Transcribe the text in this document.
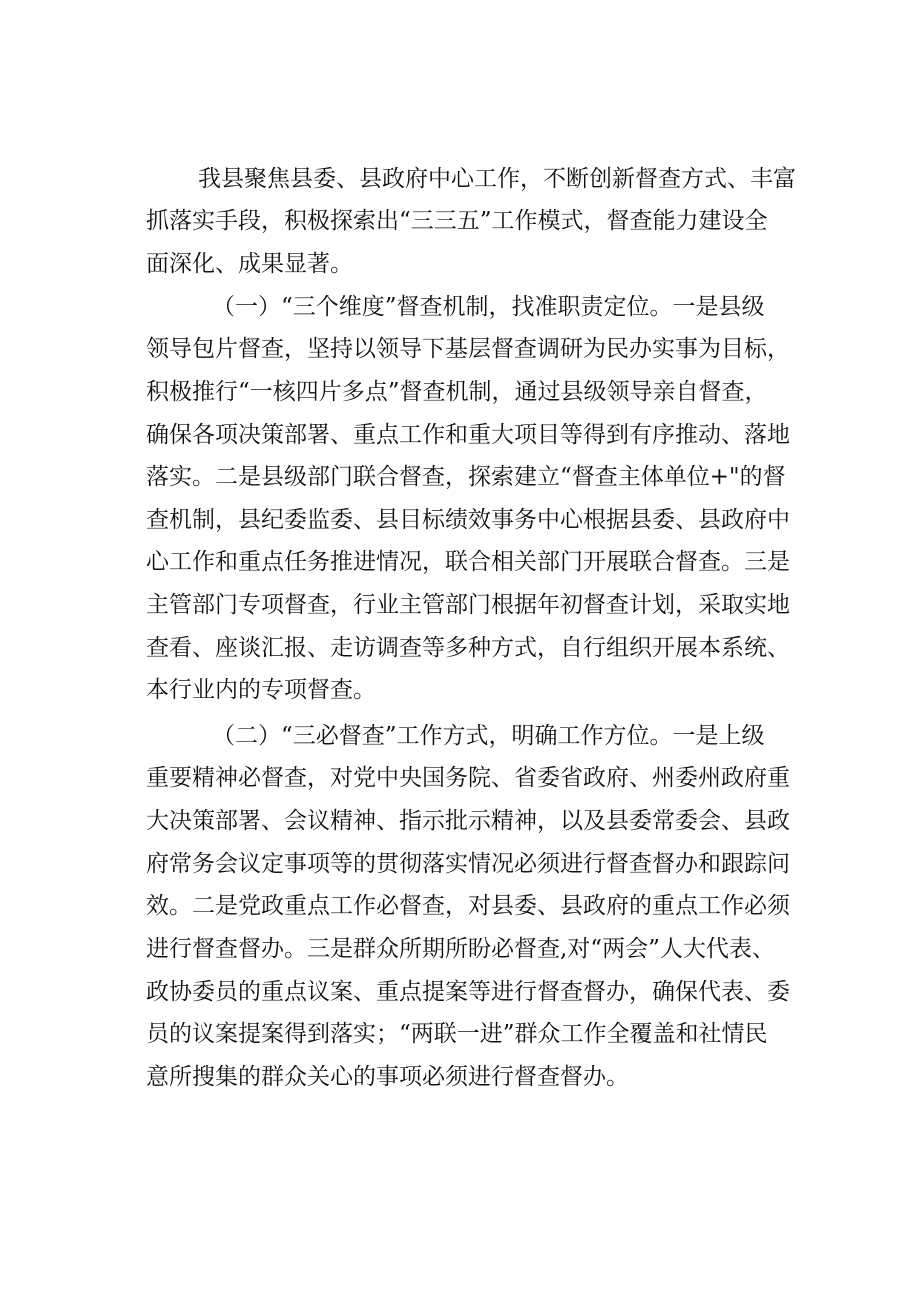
我县聚焦县委、县政府中心工作，不断创新督查方式、丰富
抓落实手段，积极探索出“三三五”工作模式，督查能力建设全
面深化、成果显著。
（一）“三个维度”督查机制，找准职责定位。一是县级
领导包片督查，坚持以领导下基层督查调研为民办实事为目标，
积极推行“一核四片多点”督查机制，通过县级领导亲自督查，
确保各项决策部署、重点工作和重大项目等得到有序推动、落地
落实。二是县级部门联合督查，探索建立“督查主体单位+"的督
查机制，县纪委监委、县目标绩效事务中心根据县委、县政府中
心工作和重点任务推进情况，联合相关部门开展联合督查。三是
主管部门专项督查，行业主管部门根据年初督查计划，采取实地
查看、座谈汇报、走访调查等多种方式，自行组织开展本系统、
本行业内的专项督查。
（二）“三必督查”工作方式，明确工作方位。一是上级
重要精神必督查，对党中央国务院、省委省政府、州委州政府重
大决策部署、会议精神、指示批示精神，以及县委常委会、县政
府常务会议定事项等的贯彻落实情况必须进行督查督办和跟踪问
效。二是党政重点工作必督查，对县委、县政府的重点工作必须
进行督查督办。三是群众所期所盼必督查,对“两会”人大代表、
政协委员的重点议案、重点提案等进行督查督办，确保代表、委
员的议案提案得到落实；“两联一进”群众工作全覆盖和社情民
意所搜集的群众关心的事项必须进行督查督办。
